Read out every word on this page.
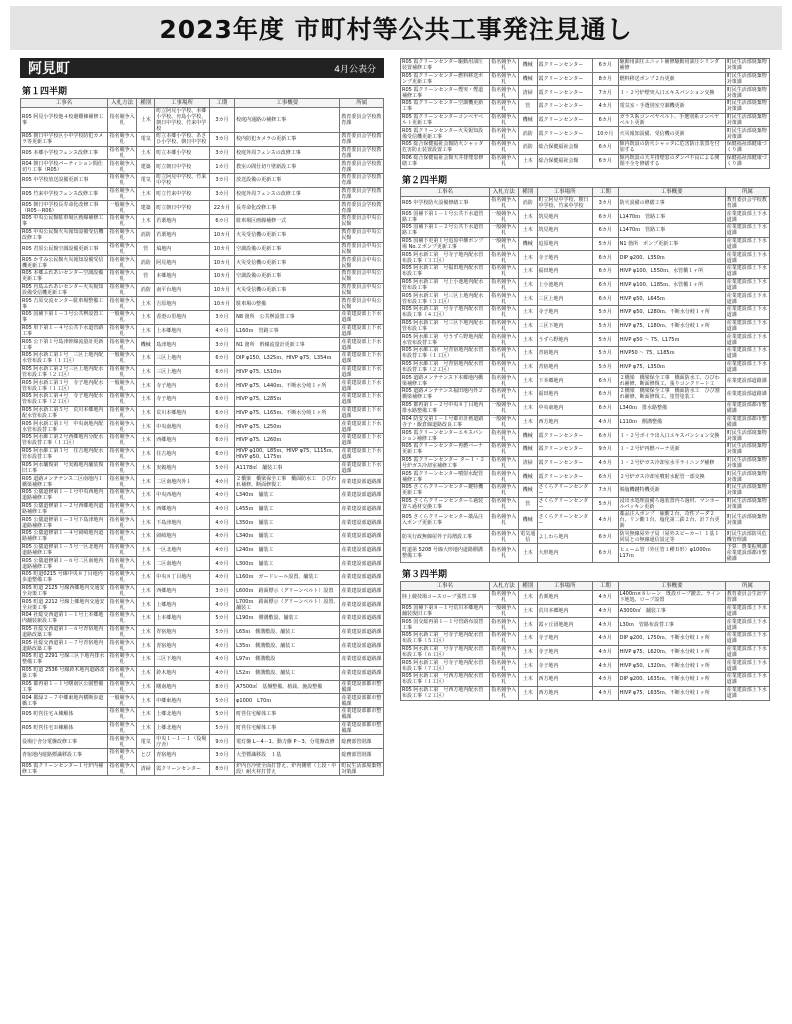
2023年度 市町村等公共工事発注見通し
阿見町	4月公表分
第１四半期
工事名	入札方法	種別	工事場所	工期	工事概要	所属
R05 阿見小学校他４校避難棟補修工事	指名競争入札	土木	町立阿見小学校、本郷小学校、舟島小学校、朝日中学校、竹来中学校	3カ月	校庭内通路の補修工事	教育委員会学校教育課
R05 朝日中学校区小中学校防犯カメラ等更新工事	指名競争入札	電気	町立本郷小学校、あさひ小学校、朝日中学校	3カ月	校内防犯カメラの更新工事	教育委員会学校教育課
R05 本郷小学校フェンス改修工事	指名競争入札	土木	町立本郷小学校	3カ月	校庭外周フェンスの改修工事	教育委員会学校教育課
R04 朝日中学校パーティション間仕切り工事（R05）	指名競争入札	建築	町立朝日中学校	1カ月	教室の間仕切り壁新設工事	教育委員会学校教育課
R05 中学校放送設備更新工事	指名競争入札	電気	町立阿見中学校、竹来中学校	3カ月	放送設備の更新工事	教育委員会学校教育課
R05 竹来中学校フェンス改修工事	指名競争入札	土木	町立竹来中学校	3カ月	校庭外周フェンスの改修工事	教育委員会学校教育課
R05 朝日中学校長寿命化改修工事（R05－R06）	一般競争入札	建築	町立朝日中学校	22カ月	長寿命化改修工事	教育委員会学校教育課
R05 中央公民館駐車場区画線補修工事	指名競争入札	土木	若栗地内	6カ月	駐車場区画線補修一式	教育委員会中央公民館
R05 中央公民館火災報知設備受信機改修工事	指名競争入札	消防	若栗地内	10カ月	火災受信機の更新工事	教育委員会中央公民館
R05 君原公民館空調設備更新工事	指名競争入札	管	塙地内	10カ月	空調設備の更新工事	教育委員会中央公民館
R05 かすみ公民館火災報知設備受信機更新工事	指名競争入札	消防	阿見地内	10カ月	火災受信機の更新工事	教育委員会中央公民館
R05 本郷ふれあいセンター空調設備更新工事	指名競争入札	管	本郷地内	10カ月	空調設備の更新工事	教育委員会中央公民館
R05 舟島ふれあいセンター火災報知設備受信機更新工事	指名競争入札	消防	南平台地内	10カ月	火災受信機の更新工事	教育委員会中央公民館
R05 吉原交流センター駐車場整備工事	指名競争入札	土木	吉原地内	10カ月	駐車場の整備	教育委員会中央公民館
R05 国補下第１－３号公共桝設置工事	一般競争入札	土木	香澄の里地内	3カ月	N8 箇所　公共桝設置工事	産業建設部上下水道課
R05 単下第１－４号公共下水道管路工事	指名競争入札	土木	上本郷地内	4カ月	L160ｍ　管路工事	産業建設部上下水道課
R05 公下第１号島津幹線流量計更新工事	指名競争入札	機械	島津地内	3カ月	N1 箇所　幹線流量計更新工事	産業建設部上下水道課
R05 阿水新工第１号　三区上地内配水管布設工事（１工区）	一般競争入札	土木	三区上地内	6カ月	DIP φ150、L325ｍ、HIVP φ75、L354ｍ	産業建設部上下水道課
R05 阿水新工第２号三区上地内配水管布設工事（２工区）	指名競争入札	土木	三区上地内	6カ月	HIVP φ75、L510ｍ	産業建設部上下水道課
R05 阿水新工第３号　寺子地内配水管布設工事（１工区）	一般競争入札	土木	寺子地内	6カ月	HIVP φ75、L440ｍ、不断水分岐１ヶ所	産業建設部上下水道課
R05 阿水新工第４号　寺子地内配水管布設工事（２工区）	指名競争入札	土木	寺子地内	6カ月	HIVP φ75、L285ｍ	産業建設部上下水道課
R05 阿水新工第５号　荒川本郷地内配水管布設工事	指名競争入札	土木	荒川本郷地内	6カ月	HIVP φ75、L165ｍ、不断水分岐１ヶ所	産業建設部上下水道課
R05 阿水新工第１号　中央南地内配水管布設替工事	指名競争入札	土木	中央南地内	6カ月	HIVP φ75、L250ｍ	産業建設部上下水道課
R05 阿水維工第２号西郷地内分配水管布設替工事（１工区）	指名競争入札	土木	西郷地内	6カ月	HIVP φ75、L260ｍ	産業建設部上下水道課
R05 阿水維工第３号　住吉地内配水管布設替工事	指名競争入札	土木	住吉地内	6カ月	HIVP φ100、L85ｍ、HIVP φ75、L115ｍ、HIVP φ50、L175ｍ	産業建設部上下水道課
R05 阿水舗復第　号実穀地内舗装復旧工事	指名競争入札	土木	実穀地内	5カ月	A1178㎡　舗装工事	産業建設部上下水道課
R05 道路メンテナンス二区南地内１橋梁補修工事	指名競争入札	土木	二区南地内外１	4カ月	２橋梁　橋梁保全工事　橋面防水工　ひびわれ補修、断面修復工	産業建設部道路課
R05 公儀道修第１－１号中央西地内道路補修工事	指名競争入札	土木	中央西地内	4カ月	L340ｍ　舗装工	産業建設部道路課
R05 公儀道修第１－２号西郷地内道路補修工事	指名競争入札	土木	西郷地内	4カ月	L455ｍ　舗装工	産業建設部道路課
R05 公儀道修第１－３号下島津地内道路補修工事	指名競争入札	土木	下島津地内	4カ月	L350ｍ　舗装工	産業建設部道路課
R05 公儀道修第１－４号岡崎地内道路補修工事	指名競争入札	土木	岡崎地内	4カ月	L340ｍ　舗装工	産業建設部道路課
R05 公儀道修第１－５号一区北地内道路補修工事	指名競争入札	土木	一区北地内	4カ月	L240ｍ　舗装工	産業建設部道路課
R05 公儀道修第１－６号二区南地内道路補修工事	指名競争入札	土木	二区南地内	4カ月	L300ｍ　舗装工	産業建設部道路課
R05 町道0215 号線中央８丁目地内歩道整備工事	指名競争入札	土木	中央８丁目地内	4カ月	L160ｍ　ガードレール設置、舗装工	産業建設部道路課
R05 町道 2125 号線西郷地内交通安全対策工事	指名競争入札	土木	西郷地内	3カ月	L600ｍ　路面標示（グリーンベルト）設置	産業建設部道路課
R05 町道 2212 号線上郷地内交通安全対策工事	指名競争入札	土木	上郷地内	4カ月	L700ｍ　路面標示（グリーンベルト）設置、舗装工	産業建設部道路課
R04 社総交西道第１－１号上本郷地内舗装新設工事	指名競争入札	土木	上本郷地内	5カ月	L190ｍ　側溝敷設、舗装工	産業建設部道路課
R05 社総交西道第１－６号青宿地内道路改築工事	指名競争入札	土木	青宿地内	5カ月	L65ｍ　側溝敷設、舗装工	産業建設部道路課
R05 社総交西道第１－７号青宿地内道路改築工事	指名競争入札	土木	青宿地内	4カ月	L35ｍ　側溝敷設、舗装工	産業建設部道路課
R05 町道 2291 号線三区下地内排水整備工事	指名競争入札	土木	三区下地内	4カ月	L97ｍ　側溝敷設	産業建設部道路課
R05 町道 2536 号線鈴木地内道路改築工事	指名競争入札	土木	鈴木地内	4カ月	L52ｍ　側溝敷設、舗装工	産業建設部道路課
R05 都再第１－１号曙南区公園整備工事	指名競争入札	土木	曙南地内	8カ月	A7500㎡　基盤整備、植栽、施設整備	産業建設部都市整備課
R04 都緑２－７中郷東地内横断歩道橋工事	一般競争入札	土木	中郷東地内	5カ月	φ1000　L70ｍ	産業建設部都市整備課
R05 町営住宅Ａ棟解体	指名競争入札	土木	上郷北地内	5カ月	町営住宅解体工事	産業建設部都市整備課
R05 町営住宅Ｂ棟解体	指名競争入札	土木	上郷北地内	5カ月	町営住宅解体工事	産業建設部都市整備課
役場庁舎分電盤改修工事	指名競争入札	電気	中央１－１－１（役場庁舎）	9カ月	電灯盤 L－4－1、動力盤 P－3、分電盤改修	総務部管財課
青宿地内遊路標識移設工事	指名競争入札	とび	青宿地内	3カ月	大型標識移設　１基	総務部管財課
R05 霞クリーンセンター１号炉内補修工事	指名競争入札	清掃	霞クリーンセンター	8カ月	炉内自冷壁全面打替え、炉内側壁（上段・中段）耐火材打替え	町民生活部廃棄物対策課
R05 霞クリーンセンター駆動用油圧装置補修工事	指名競争入札	機械	霞クリーンセンター	6カ月	駆動用油圧ユニット補修駆動用油圧シリンダ補修	町民生活部廃棄物対策課
R05 霞クリーンセンター燃料移送ポンプ更新工事	指名競争入札	機械	霞クリーンセンター	8カ月	燃料移送ポンプ２台更新	町民生活部廃棄物対策課
R05 霞クリーンセンター煙突・煙道補修工事	指名競争入札	清掃	霞クリーンセンター	7カ月	１・２号炉煙突入口エキスパンション交換	町民生活部廃棄物対策課
R05 霞クリーンセンター空調機更新工事	指名競争入札	管	霞クリーンセンター	4カ月	電気室・手選別室空調機更新	町民生活部廃棄物対策課
R05 霞クリーンセンターコンベヤベルト更新工事	指名競争入札	機械	霞クリーンセンター	6カ月	ガラス系コンベヤベルト、手選別系コンベヤベルト更新	町民生活部廃棄物対策課
R05 霞クリーンセンター火災報知設備受信機更新工事	指名競争入札	消防	霞クリーンセンター	10カ月	火災報知設備、受信機の更新	町民生活部廃棄物対策課
R05 総合保健福祉会館防火シャッタ危害防止装置設置工事	指名競争入札	消防	総合保健福祉会館	6カ月	館内既設の防火シャッタに危害防止装置を付加する	保健福祉部健康づくり課
R06 総合保健福祉会館天井排煙窓修繕工事	指名競争入札	土木	総合保健福祉会館	6カ月	館内既設の天井排煙窓のダンパ不良による開閉不全を修繕する	保健福祉部健康づくり課
第２四半期
工事名	入札方法	種別	工事場所	工期	工事概要	所属
R05 中学校防火設備修繕工事	指名競争入札	消防	町立阿見中学校、朝日中学校、竹来中学校	3カ月	防火設備の修繕工事	教育委員会学校教育課
R05 国補下第１－１号公共下水道管路工事	一般競争入札	土木	筑見地内	6カ月	L1470ｍ　管路工事	産業建設部上下水道課
R05 国補下第１－２号公共下水道管路工事	一般競争入札	土木	筑見地内	6カ月	L1470ｍ　管路工事	産業建設部上下水道課
R05 国補下更第１号追原中継ポンプ場 No.２ポンプ更新工事	一般競争入札	機械	追原地内	5カ月	N1 箇所　ポンプ更新工事	産業建設部上下水道課
R05 阿水新工第　号寺子地内配水管布設工事（３工区）	指名競争入札	土木	寺子地内	6カ月	DIP φ200、L350ｍ	産業建設部上下水道課
R05 阿水新工第　号福田地内配水管布設工事	指名競争入札	土木	福田地内	6カ月	HIVP φ100、L550ｍ、水管橋１ヶ所	産業建設部上下水道課
R05 阿水新工第　号上小池地内配水管布設工事	指名競争入札	土木	上小池地内	6カ月	HIVP φ100、L185ｍ、水管橋１ヶ所	産業建設部上下水道課
R05 阿水新工第　号三区上地内配水管布設工事（３工区）	指名競争入札	土木	三区上地内	6カ月	HIVP φ50、L645ｍ	産業建設部上下水道課
R05 阿水新工第　号寺子地内配水管布設工事（４工区）	指名競争入札	土木	寺子地内	5カ月	HIVP φ50、L280ｍ、不断水分岐１ヶ所	産業建設部上下水道課
R05 阿水新工第　号三区下地内配水管布設工事	指名競争入札	土木	三区下地内	5カ月	HIVP φ75、L180ｍ、不断水分岐１ヶ所	産業建設部上下水道課
R05 阿水維工第　号うずら野地内配水管布設替工事	指名競争入札	土木	うずら野地内	5カ月	HIVP φ50 ～ 75、L175ｍ	産業建設部上下水道課
R05 阿水維工第　号青宿地内配水管布設替工事（１工区）	指名競争入札	土木	青宿地内	5カ月	HIVP50 ～ 75、L185ｍ	産業建設部上下水道課
R05 阿水維工第　号青宿地内配水管布設替工事（２工区）	指名競争入札	土木	青宿地内	5カ月	HIVP φ75、L350ｍ	産業建設部上下水道課
R05 道路メンテナンス下本郷地内橋梁補修工事	指名競争入札	土木	下本郷地内	6カ月	２橋梁　橋梁保全工事　橋面防水工、ひびわれ補修、断面修復工、張りコンクリート工	産業建設部道路課
R05 道路メンテナンス福田地内外２橋梁補修工事	指名競争入札	土木	福田地内	6カ月	２橋梁　橋梁保全工事　橋面防水工　ひび割れ補修、断面修復工、塗替塗装工	産業建設部道路課
R05 都再第１－２号中央８丁目地内排水路整備工事	一般競争入札	土木	中央東地内	6カ月	L340ｍ　排水路整備	産業建設部都市整備課
R04 防安交第１－１号都市計画道路寺子・飯倉線道路改良工事	一般競争入札	土木	西方地内	4カ月	L110ｍ　側溝整備	産業建設部都市整備課
R05 霞クリーンセンターエキスパンション補修工事	指名競争入札	機械	霞クリーンセンター	6カ月	１・２号ボイラ出入口エキスパンション交換	町民生活部廃棄物対策課
R05 霞クリーンセンター再燃バーナ更新工事	指名競争入札	機械	霞クリーンセンター	9カ月	１・２号炉再燃バーナ更新	町民生活部廃棄物対策課
R05 霞クリーンセンター ター１・２号炉ガス冷却室補修工事	指名競争入札	清掃	霞クリーンセンター	4カ月	１・２号炉ガス冷却室水平ライニング補修	町民生活部廃棄物対策課
R05 霞クリーンセンター噴射水配管補修工事	指名競争入札	機械	霞クリーンセンター	6カ月	２号炉ガス冷却室噴射水配管一部交換	町民生活部廃棄物対策課
R05 さくらクリーンセンター鍵特機更新工事	指名競争入札	機械	さくらクリーンセンター	7カ月	脱塩機鍵特機更新	町民生活部廃棄物対策課
R05 さくらクリーンセンターろ過装置ろ過材交換工事	指名競争入札	管	さくらクリーンセンター	5カ月	浸出水処理設備ろ過装置内ろ過材、マンホールパッキン更新	町民生活部廃棄物対策課
R05 さくらクリーンセンター薬品注入ポンプ更新工事	指名競争入札	機械	さくらクリーンセンター	4カ月	薬品注入ポンプ　硫酸２台、苛性ソーダ２台、リン酸１台、塩化第二鉄２台、計７台更新	町民生活部廃棄物対策課
防災行政無線屋外子局増設工事	指名競争入札	電気通信	よしわら地内	6カ月	防災無線屋外子局（屋外スピーカー）１基Ｉ同局との無線通信設定等	町民生活部防災危機管理課
町道第 5208 号線大形地内道路側溝整備工事	指名競争入札	土木	大形地内	6カ月	ヒューム管（外圧管１種Ｂ形）φ1000ｍ　L17ｍ	予算：農業振興課　産業建設部都市整備課
第３四半期
工事名	入札方法	種別	工事場所	工期	工事概要	所属
陸上競技場コースロープ張替工事	指名競争入札	土木	若栗地内	4カ月	L400ｍ×８レーン　既設ロープ撤去、ライン下地処、ロープ設置	教育委員会生涯学習課
R05 国補下第８－１号荒川本郷地内舗装復旧工事	一般競争入札	土木	荒川本郷地内	4カ月	A3000㎡　舗装工事	産業建設部上下水道課
R05 国交総再第１－１号管路布設替工事	指名競争入札	土木	霞ヶ丘団地地内	4カ月	L30ｍ　管路布設替工事	産業建設部上下水道課
R05 阿水新工第　号寺子地内配水管布設工事（５工区）	指名競争入札	土木	寺子地内	4カ月	DIP φ200、L750ｍ、不断水分岐１ヶ所	産業建設部上下水道課
R05 阿水新工第　号寺子地内配水管布設工事（６工区）	指名競争入札	土木	寺子地内	4カ月	HIVP φ75、L620ｍ、不断水分岐１ヶ所	産業建設部上下水道課
R05 阿水新工第　号寺子地内配水管布設工事（７工区）	指名競争入札	土木	寺子地内	4カ月	HIVP φ50、L320ｍ、不断水分岐１ヶ所	産業建設部上下水道課
R05 阿水新工第　号西方地内配水管布設工事（１工区）	指名競争入札	土木	西方地内	4カ月	DIP φ200、L635ｍ、不断水分岐１ヶ所	産業建設部上下水道課
R05 阿水新工第　号西方地内配水管布設工事（２工区）	指名競争入札	土木	西方地内	4カ月	HIVP φ75、L635ｍ、不断水分岐１ヶ所	産業建設部上下水道課
